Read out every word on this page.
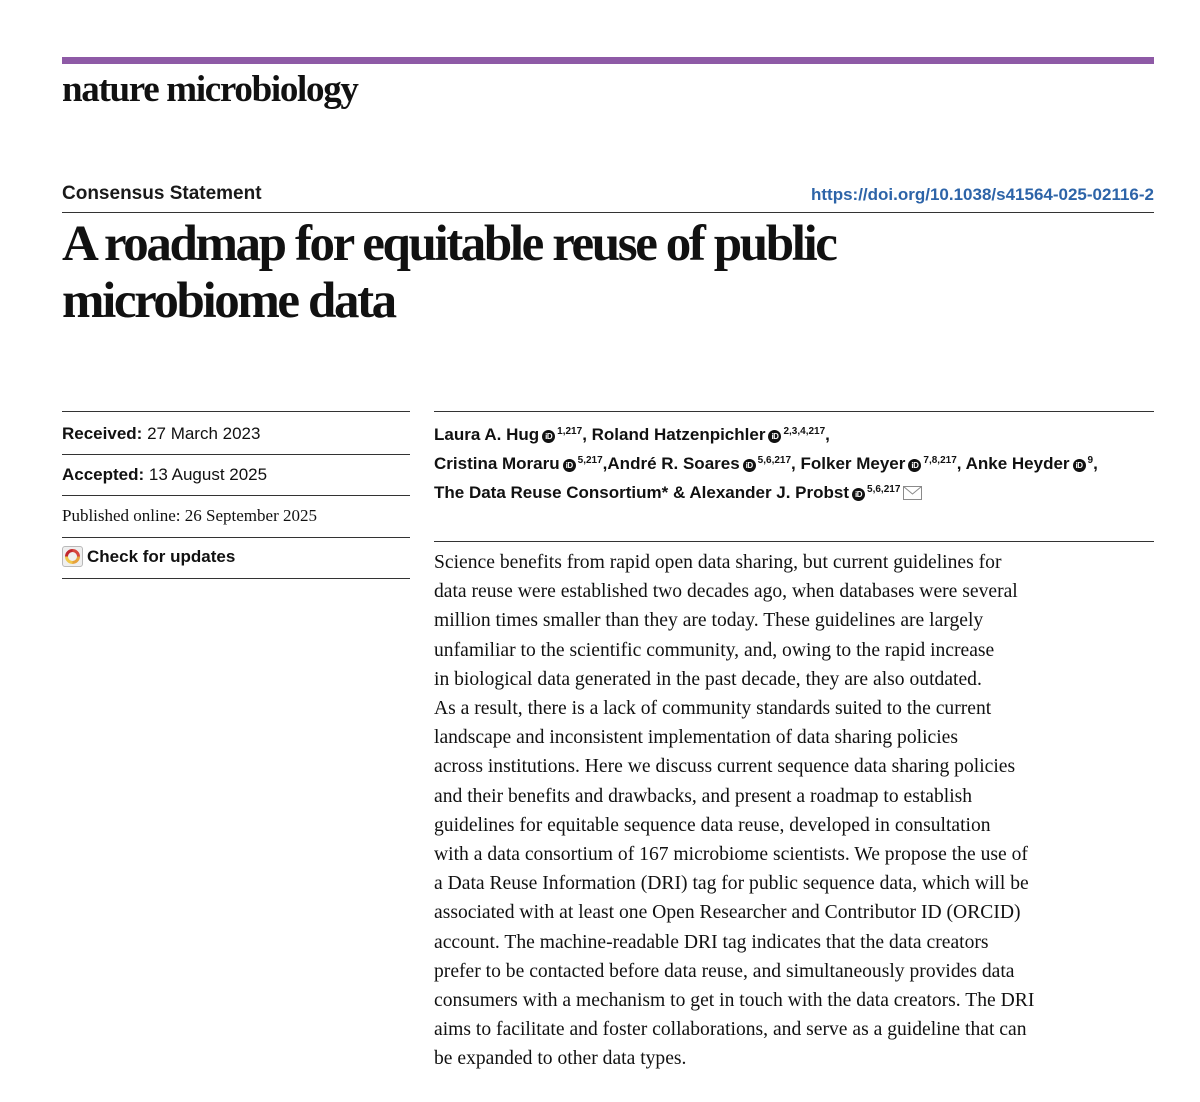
nature microbiology
Consensus Statement	https://doi.org/10.1038/s41564-025-02116-2
A roadmap for equitable reuse of public
microbiome data
Received: 27 March 2023
Accepted: 13 August 2025
Published online: 26 September 2025
Check for updates
Laura A. Hug iD $^{1,217}$, Roland Hatzenpichler iD $^{2,3,4,217}$, Cristina Moraru iD $^{5,217}$,André R. Soares iD $^{5,6,217}$, Folker Meyer iD $^{7,8,217}$, Anke Heyder iD $^9$, The Data Reuse Consortium* & Alexander J. Probst iD $^{5,6,217}$

Science benefits from rapid open data sharing, but current guidelines for
data reuse were established two decades ago, when databases were several
million times smaller than they are today. These guidelines are largely
unfamiliar to the scientific community, and, owing to the rapid increase
in biological data generated in the past decade, they are also outdated.
As a result, there is a lack of community standards suited to the current
landscape and inconsistent implementation of data sharing policies
across institutions. Here we discuss current sequence data sharing policies
and their benefits and drawbacks, and present a roadmap to establish
guidelines for equitable sequence data reuse, developed in consultation
with a data consortium of 167 microbiome scientists. We propose the use of
a Data Reuse Information (DRI) tag for public sequence data, which will be
associated with at least one Open Researcher and Contributor ID (ORCID)
account. The machine-readable DRI tag indicates that the data creators
prefer to be contacted before data reuse, and simultaneously provides data
consumers with a mechanism to get in touch with the data creators. The DRI
aims to facilitate and foster collaborations, and serve as a guideline that can
be expanded to other data types.
